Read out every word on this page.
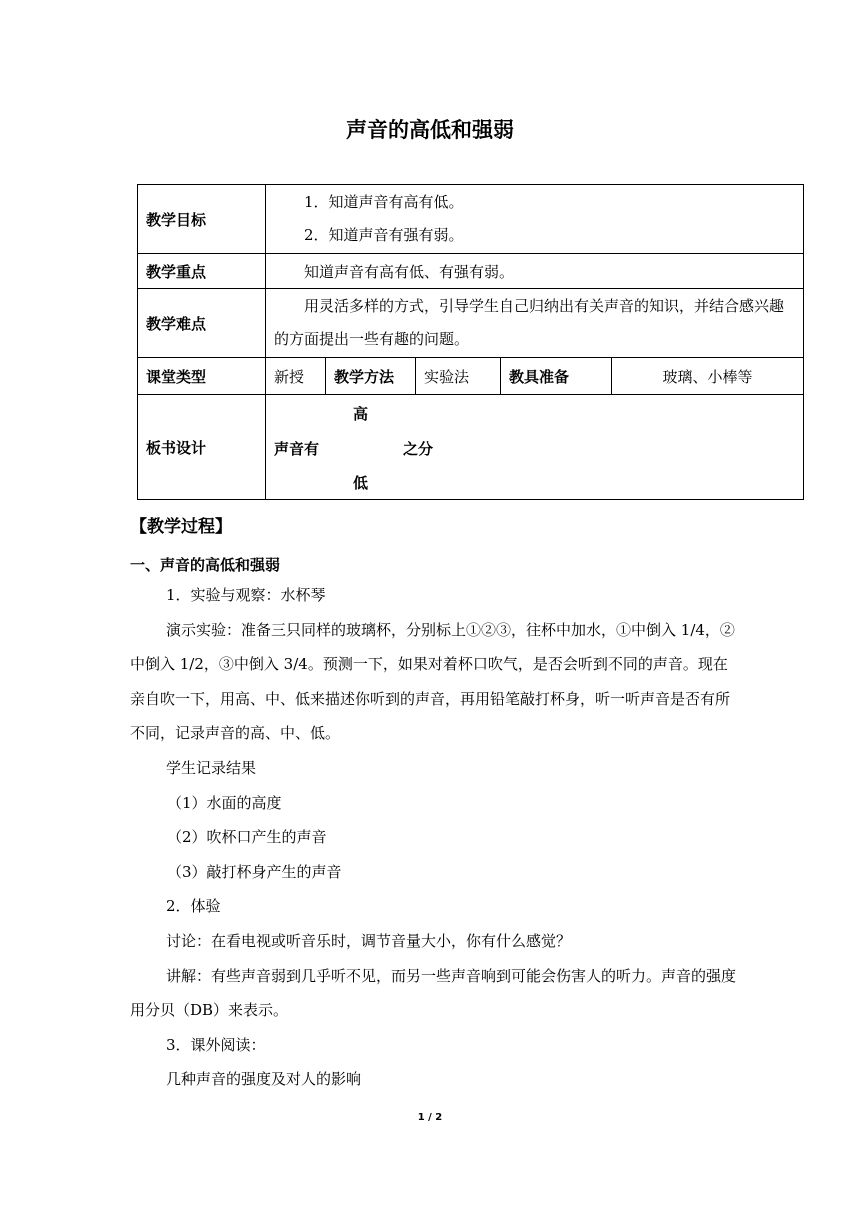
声音的高低和强弱
教学目标	1．知道声音有高有低。
2．知道声音有强有弱。				

教学重点	知道声音有高有低、有强有弱。				
教学难点	用灵活多样的方式，引导学生自己归纳出有关声音的知识，并结合感兴趣的方面提出一些有趣的问题。				
课堂类型	新授	教学方法	实验法	教具准备	玻璃、小棒等
板书设计	高
声音有 之分
低				
【教学过程】
一、声音的高低和强弱

1．实验与观察：水杯琴

演示实验：准备三只同样的玻璃杯，分别标上①②③，往杯中加水，①中倒入 1/4，②中倒入 1/2，③中倒入 3/4。预测一下，如果对着杯口吹气，是否会听到不同的声音。现在亲自吹一下，用高、中、低来描述你听到的声音，再用铅笔敲打杯身，听一听声音是否有所不同，记录声音的高、中、低。

学生记录结果

（1）水面的高度

（2）吹杯口产生的声音

（3）敲打杯身产生的声音

2．体验

讨论：在看电视或听音乐时，调节音量大小，你有什么感觉？

讲解：有些声音弱到几乎听不见，而另一些声音响到可能会伤害人的听力。声音的强度用分贝（DB）来表示。

3．课外阅读：

几种声音的强度及对人的影响

1 / 2
